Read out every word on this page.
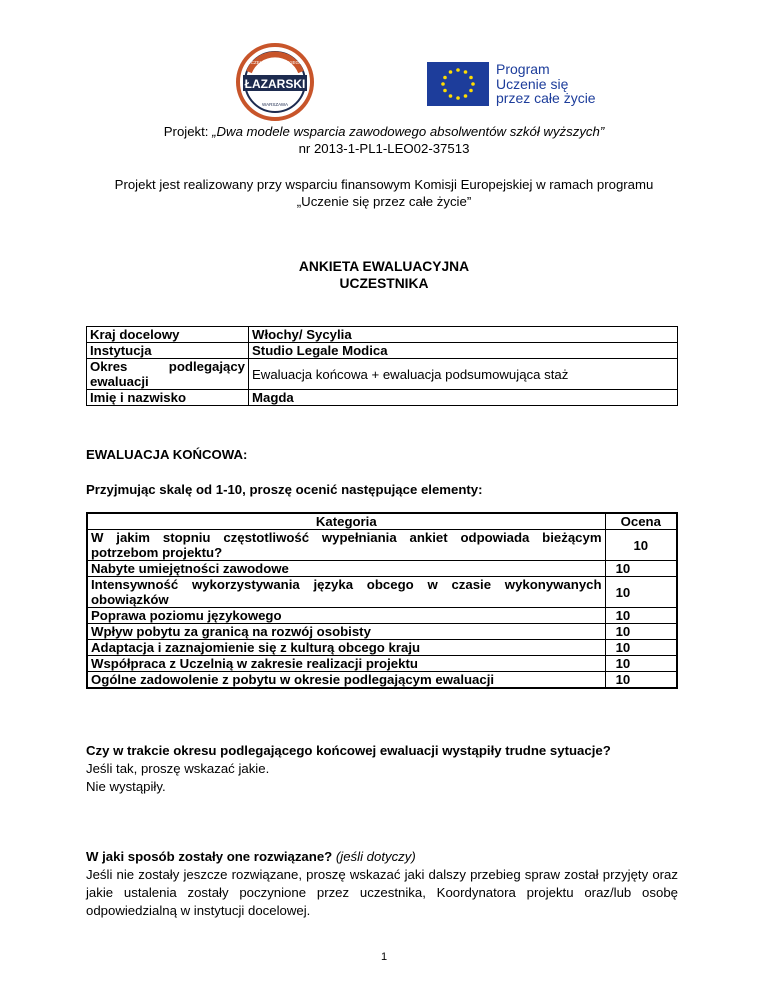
ŁAZARSKI
UCZELNIA ŁAZARSKIEGO
WARSZAWA
Program
Uczenie się
przez całe życie
Projekt: „Dwa modele wsparcia zawodowego absolwentów szkół wyższych”
nr 2013-1-PL1-LEO02-37513
Projekt jest realizowany przy wsparciu finansowym Komisji Europejskiej w ramach programu
„Uczenie się przez całe życie”
ANKIETA EWALUACYJNA
UCZESTNIKA
Kraj docelowy	Włochy/ Sycylia
Instytucja	Studio Legale Modica
Okres podlegający ewaluacji	Ewaluacja końcowa + ewaluacja podsumowująca staż
Imię i nazwisko	Magda
EWALUACJA KOŃCOWA:
Przyjmując skalę od 1-10, proszę ocenić następujące elementy:
Kategoria	Ocena
W jakim stopniu częstotliwość wypełniania ankiet odpowiada bieżącym potrzebom projektu?	10
Nabyte umiejętności zawodowe	10
Intensywność wykorzystywania języka obcego w czasie wykonywanych obowiązków	10
Poprawa poziomu językowego	10
Wpływ pobytu za granicą na rozwój osobisty	10
Adaptacja i zaznajomienie się z kulturą obcego kraju	10
Współpraca z Uczelnią w zakresie realizacji projektu	10
Ogólne zadowolenie z pobytu w okresie podlegającym ewaluacji	10
Czy w trakcie okresu podlegającego końcowej ewaluacji wystąpiły trudne sytuacje?
Jeśli tak, proszę wskazać jakie.
Nie wystąpiły.
W jaki sposób zostały one rozwiązane? (jeśli dotyczy)
Jeśli nie zostały jeszcze rozwiązane, proszę wskazać jaki dalszy przebieg spraw został przyjęty oraz jakie ustalenia zostały poczynione przez uczestnika, Koordynatora projektu oraz/lub osobę odpowiedzialną w instytucji docelowej.
1
